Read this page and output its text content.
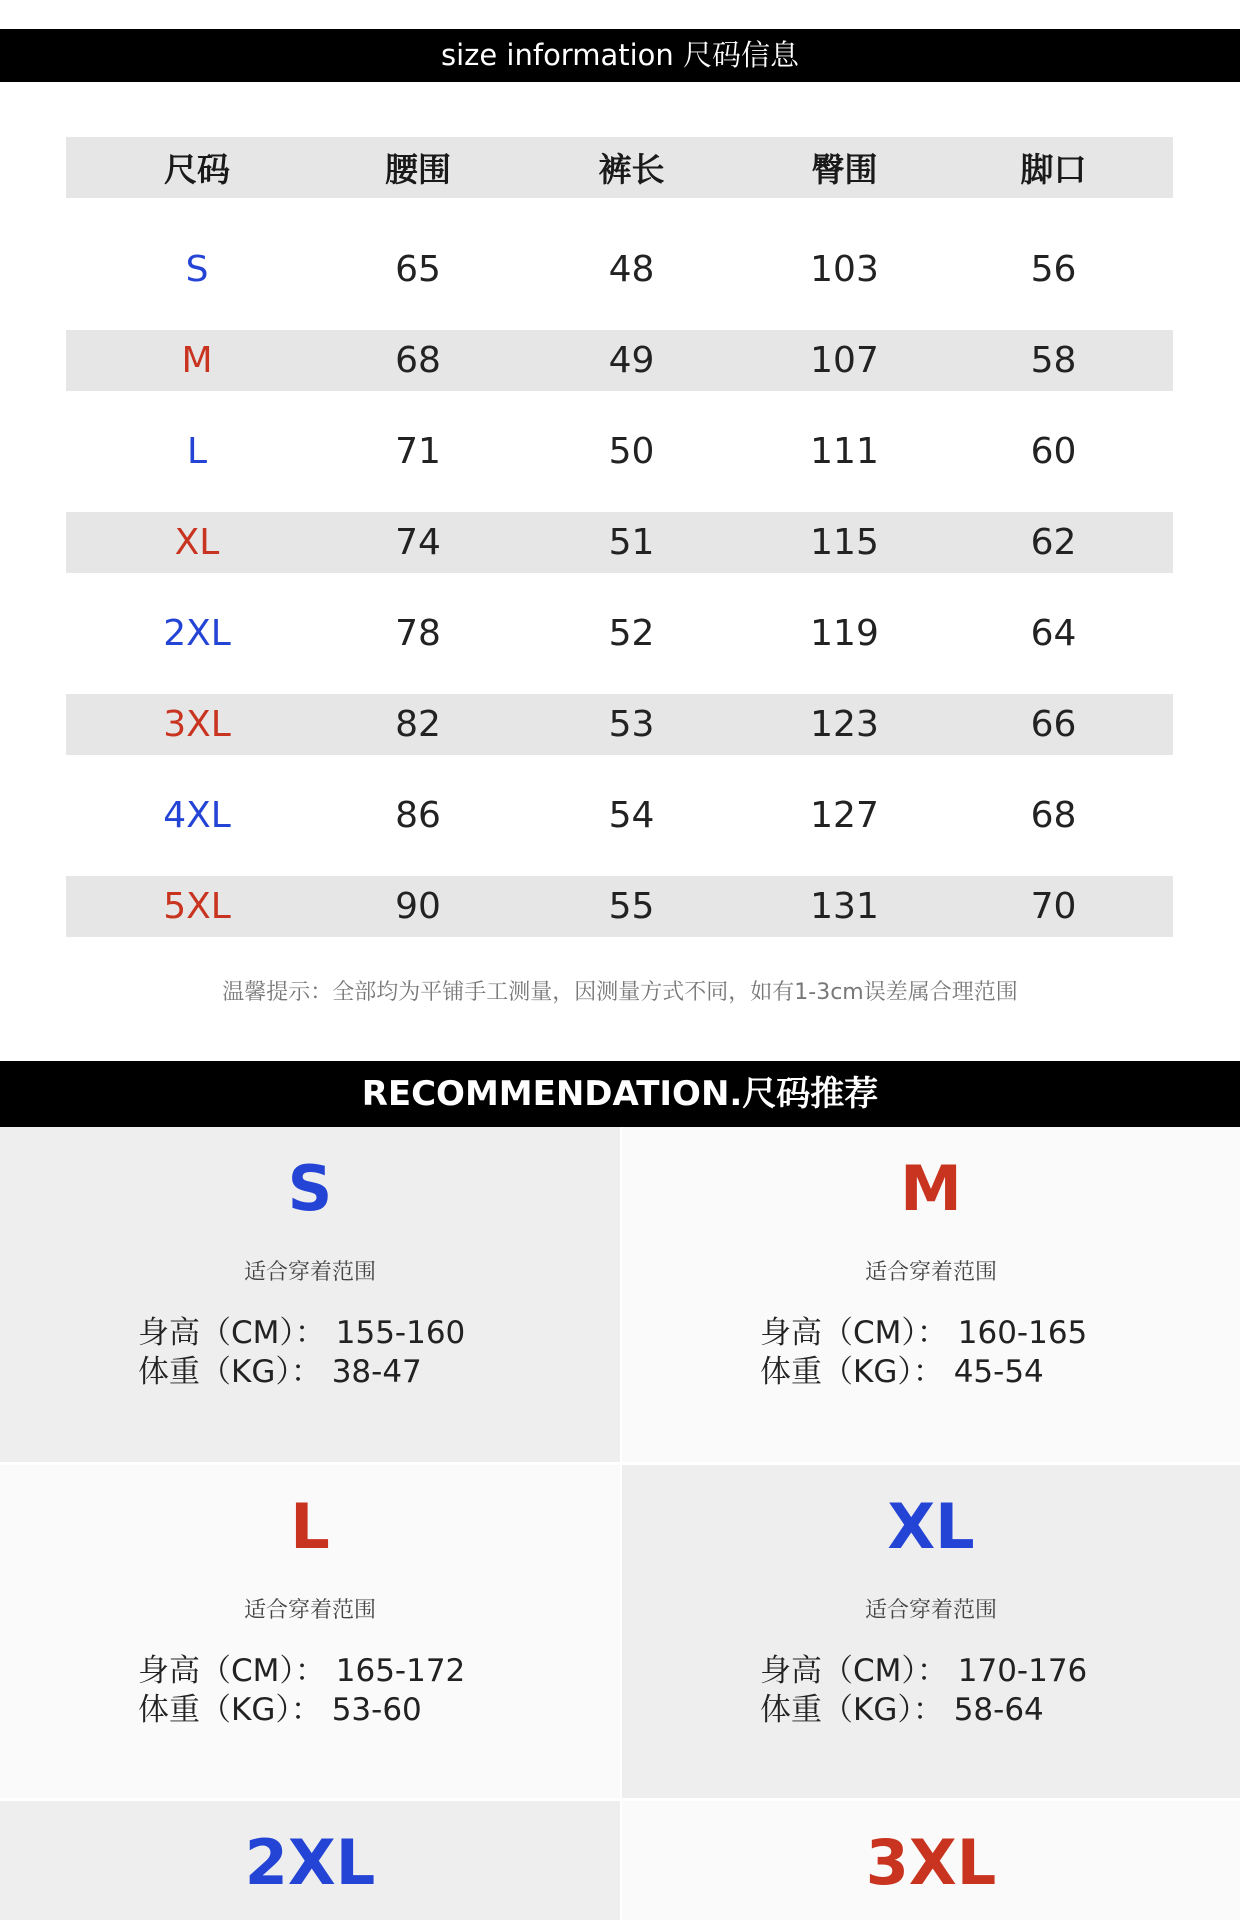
size information 尺码信息
尺码	腰围	裤长	臀围	脚口
S	65	48	103	56
M	68	49	107	58
L	71	50	111	60
XL	74	51	115	62
2XL	78	52	119	64
3XL	82	53	123	66
4XL	86	54	127	68
5XL	90	55	131	70
温馨提示：全部均为平铺手工测量，因测量方式不同，如有1-3cm误差属合理范围
RECOMMENDATION.尺码推荐
S
适合穿着范围
身高（CM）： 155-160
体重（KG）： 38-47
M
适合穿着范围
身高（CM）： 160-165
体重（KG）： 45-54
L
适合穿着范围
身高（CM）： 165-172
体重（KG）： 53-60
XL
适合穿着范围
身高（CM）： 170-176
体重（KG）： 58-64
2XL	3XL
